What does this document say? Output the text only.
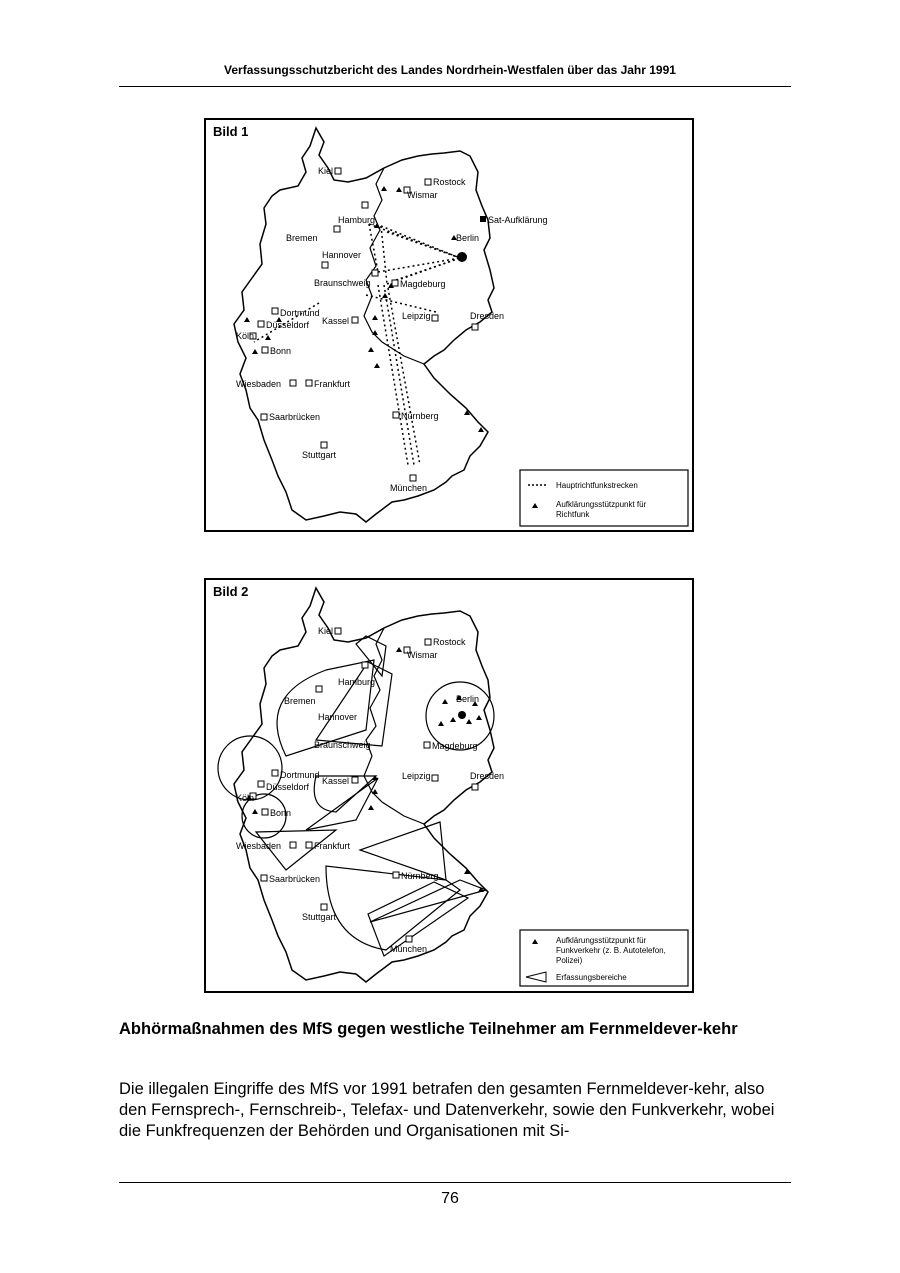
Verfassungsschutzbericht des Landes Nordrhein-Westfalen über das Jahr 1991
Kiel
Rostock
Wismar
Hamburg
Bremen
Hannover
Berlin
Sat-Aufklärung
Braunschweig	Magdeburg
Dortmund
Düsseldorf
Köln
Bonn
Kassel	Leipzig	Dresden
Wiesbaden	Frankfurt
Saarbrücken	Nürnberg
Stuttgart
München	Hauptrichtfunkstrecken
Aufklärungsstützpunkt für
Richtfunk
Bild 1
Kiel
Rostock
Wismar
Hamburg
Bremen
Hannover
Berlin
Braunschweig	Magdeburg
Dortmund
Düsseldorf
Köln
Bonn
Kassel	Leipzig	Dresden
Wiesbaden	Frankfurt
Saarbrücken	Nürnberg
Stuttgart
München
Aufklärungsstützpunkt für
Funkverkehr (z. B. Autotelefon,
Polizei)
Erfassungsbereiche
Bild 2
Abhörmaßnahmen des MfS gegen westliche Teilnehmer am Fernmeldever-kehr
Die illegalen Eingriffe des MfS vor 1991 betrafen den gesamten Fernmeldever-kehr, also den Fernsprech-, Fernschreib-, Telefax- und Datenverkehr, sowie den Funkverkehr, wobei die Funkfrequenzen der Behörden und Organisationen mit Si-
76
